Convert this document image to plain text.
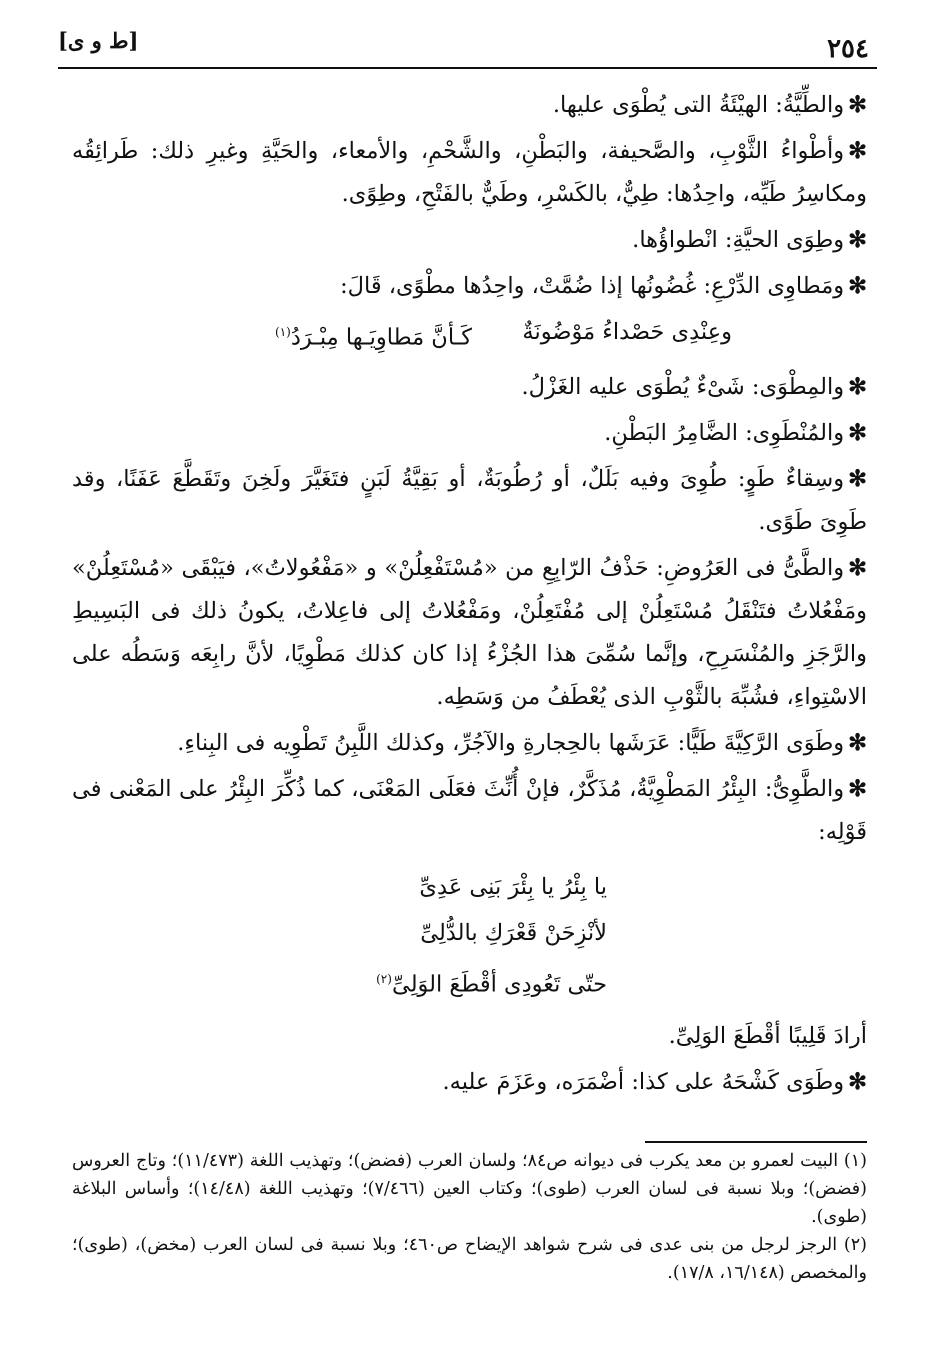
٢٥٤
[ط و ى]

✻والطِّيَّةُ: الهيْئَةُ التى يُطْوَى عليها.

✻وأطْواءُ الثَّوْبِ، والصَّحيفة، والبَطْنِ، والشَّحْمِ، والأمعاء، والحَيَّةِ وغيرِ ذلك: طَرائِقُه ومكاسِرُ طَيِّه، واحِدُها: طِيٌّ، بالكَسْرِ، وطَيٌّ بالفَتْحِ، وطِوًى.

✻وطِوَى الحيَّةِ: انْطواؤُها.

✻ومَطاوِى الدِّرْعِ: غُضُونُها إذا ضُمَّتْ، واحِدُها مطْوًى، قَالَ:

وعِنْدِى حَصْداءُ مَوْضُونَةٌ
كَـأنَّ مَطاوِيَـها مِبْـرَدُ$^{(١)}$

✻والمِطْوَى: شَىْءٌ يُطْوَى عليه الغَزْلُ.

✻والمُنْطَوِى: الضَّامِرُ البَطْنِ.

✻وسِقاءٌ طَوٍ: طُوِىَ وفيه بَلَلٌ، أو رُطُوبَةٌ، أو بَقِيَّةُ لَبَنٍ فتَغَيَّرَ ولَخِنَ وتَقَطَّعَ عَفَنًا، وقد طَوِىَ طَوًى.

✻والطَّىُّ فى العَرُوضِ: حَذْفُ الرّابِعِ من «مُسْتَفْعِلُنْ» و «مَفْعُولاتُ»، فيَبْقَى «مُسْتَعِلُنْ» ومَفْعُلاتُ فتَنْقَلُ مُسْتَعِلُنْ إلى مُفْتَعِلُنْ، ومَفْعُلاتُ إلى فاعِلاتُ، يكونُ ذلك فى البَسِيطِ والرَّجَزِ والمُنْسَرِحِ، وإنَّما سُمِّىَ هذا الجُزْءُ إذا كان كذلك مَطْوِيًا، لأنَّ رابِعَه وَسَطُه على الاسْتِواءِ، فشُبِّهَ بالثَّوْبِ الذى يُعْطَفُ من وَسَطِه.

✻وطَوَى الرَّكِيَّةَ طَيًّا: عَرَشَها بالحِجارةِ والآجُرِّ، وكذلك اللَّبِنُ تَطْوِيه فى البِناءِ.

✻والطَّوِىُّ: البِئْرُ المَطْوِيَّةُ، مُذَكَّرٌ، فإنْ أُنِّثَ فعَلَى المَعْنَى، كما ذُكِّرَ البِئْرُ على المَعْنى فى قَوْلِه:

يا بِئْرُ يا بِئْرَ بَنِى عَدِىِّ
لأنْزِحَنْ قَعْرَكِ بالدُّلِىِّ
حتّى تَعُودِى أقْطَعَ الوَلِىِّ$^{(٢)}$

أرادَ قَلِيبًا أقْطَعَ الوَلِىِّ.

✻وطَوَى كَشْحَهُ على كذا: أضْمَرَه، وعَزَمَ عليه.

(١) البيت لعمرو بن معد يكرب فى ديوانه ص٨٤؛ ولسان العرب (فضض)؛ وتهذيب اللغة (١١/٤٧٣)؛ وتاج العروس (فضض)؛ وبلا نسبة فى لسان العرب (طوى)؛ وكتاب العين (٧/٤٦٦)؛ وتهذيب اللغة (١٤/٤٨)؛ وأساس البلاغة (طوى).

(٢) الرجز لرجل من بنى عدى فى شرح شواهد الإيضاح ص٤٦٠؛ وبلا نسبة فى لسان العرب (مخض)، (طوى)؛ والمخصص (١٦/١٤٨، ١٧/٨).
